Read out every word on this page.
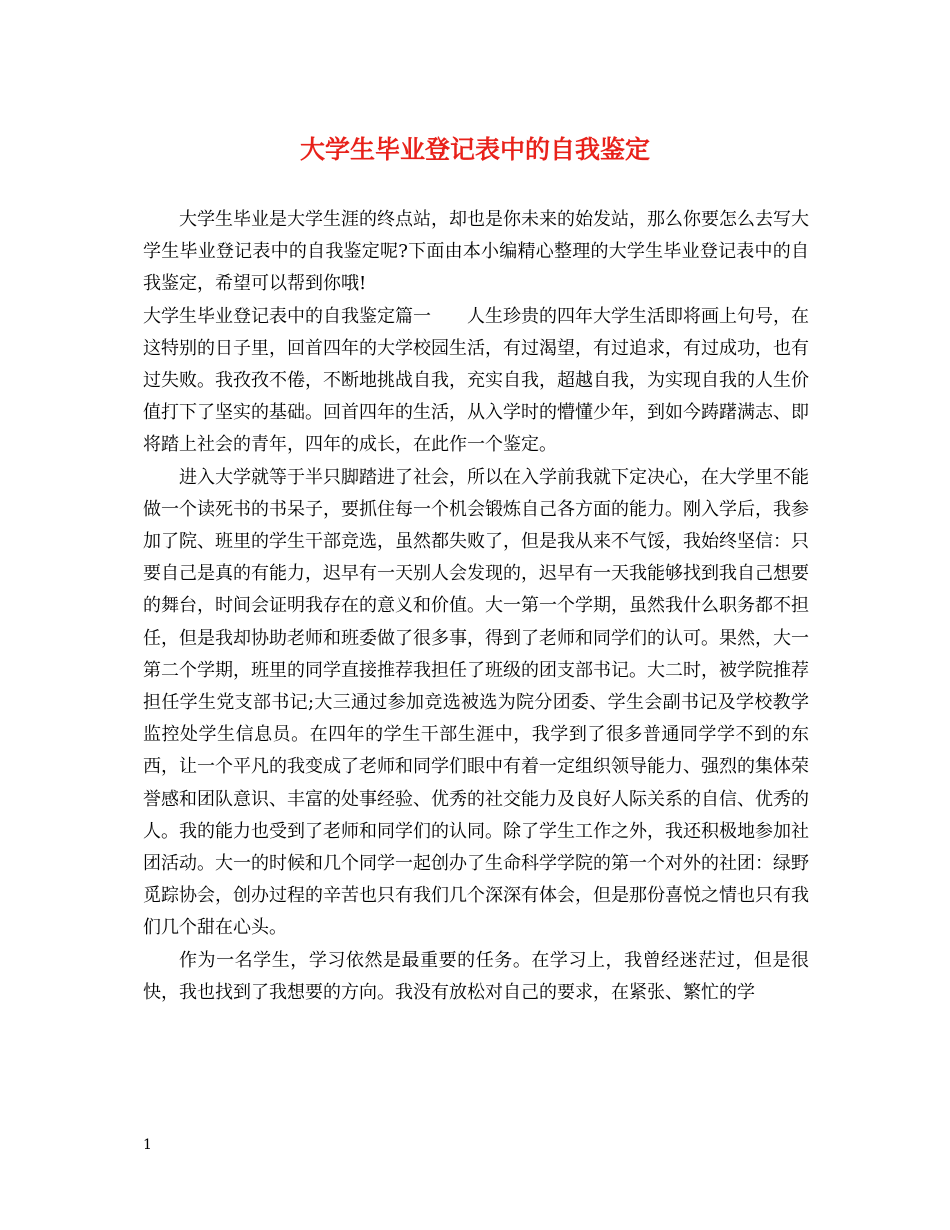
大学生毕业登记表中的自我鉴定

大学生毕业是大学生涯的终点站，却也是你未来的始发站，那么你要怎么去写大学生毕业登记表中的自我鉴定呢?下面由本小编精心整理的大学生毕业登记表中的自我鉴定，希望可以帮到你哦!

大学生毕业登记表中的自我鉴定篇一 人生珍贵的四年大学生活即将画上句号，在这特别的日子里，回首四年的大学校园生活，有过渴望，有过追求，有过成功，也有过失败。我孜孜不倦，不断地挑战自我，充实自我，超越自我，为实现自我的人生价值打下了坚实的基础。回首四年的生活，从入学时的懵懂少年，到如今踌躇满志、即将踏上社会的青年，四年的成长，在此作一个鉴定。

进入大学就等于半只脚踏进了社会，所以在入学前我就下定决心，在大学里不能做一个读死书的书呆子，要抓住每一个机会锻炼自己各方面的能力。刚入学后，我参加了院、班里的学生干部竞选，虽然都失败了，但是我从来不气馁，我始终坚信：只要自己是真的有能力，迟早有一天别人会发现的，迟早有一天我能够找到我自己想要的舞台，时间会证明我存在的意义和价值。大一第一个学期，虽然我什么职务都不担任，但是我却协助老师和班委做了很多事，得到了老师和同学们的认可。果然，大一第二个学期，班里的同学直接推荐我担任了班级的团支部书记。大二时，被学院推荐担任学生党支部书记;大三通过参加竞选被选为院分团委、学生会副书记及学校教学监控处学生信息员。在四年的学生干部生涯中，我学到了很多普通同学学不到的东西，让一个平凡的我变成了老师和同学们眼中有着一定组织领导能力、强烈的集体荣誉感和团队意识、丰富的处事经验、优秀的社交能力及良好人际关系的自信、优秀的人。我的能力也受到了老师和同学们的认同。除了学生工作之外，我还积极地参加社团活动。大一的时候和几个同学一起创办了生命科学学院的第一个对外的社团：绿野觅踪协会，创办过程的辛苦也只有我们几个深深有体会，但是那份喜悦之情也只有我们几个甜在心头。

作为一名学生，学习依然是最重要的任务。在学习上，我曾经迷茫过，但是很快，我也找到了我想要的方向。我没有放松对自己的要求，在紧张、繁忙的学

1
